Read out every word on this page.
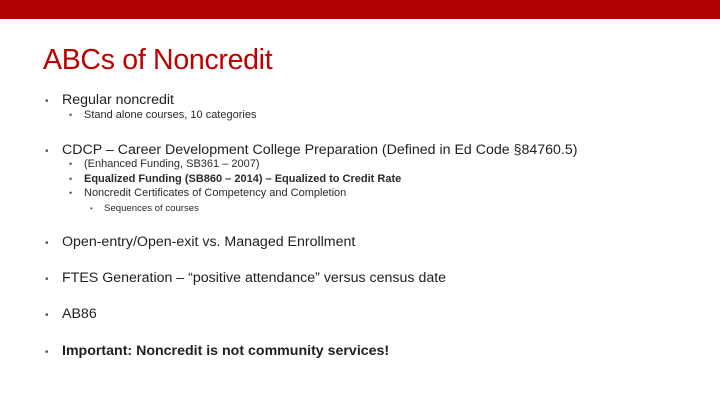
ABCs of Noncredit
• Regular noncredit
• Stand alone courses, 10 categories
• CDCP – Career Development College Preparation (Defined in Ed Code §84760.5)
• (Enhanced Funding, SB361 – 2007)
• Equalized Funding (SB860 – 2014) – Equalized to Credit Rate
• Noncredit Certificates of Competency and Completion
• Sequences of courses
• Open-entry/Open-exit vs. Managed Enrollment
• FTES Generation – “positive attendance” versus census date
• AB86
• Important: Noncredit is not community services!
